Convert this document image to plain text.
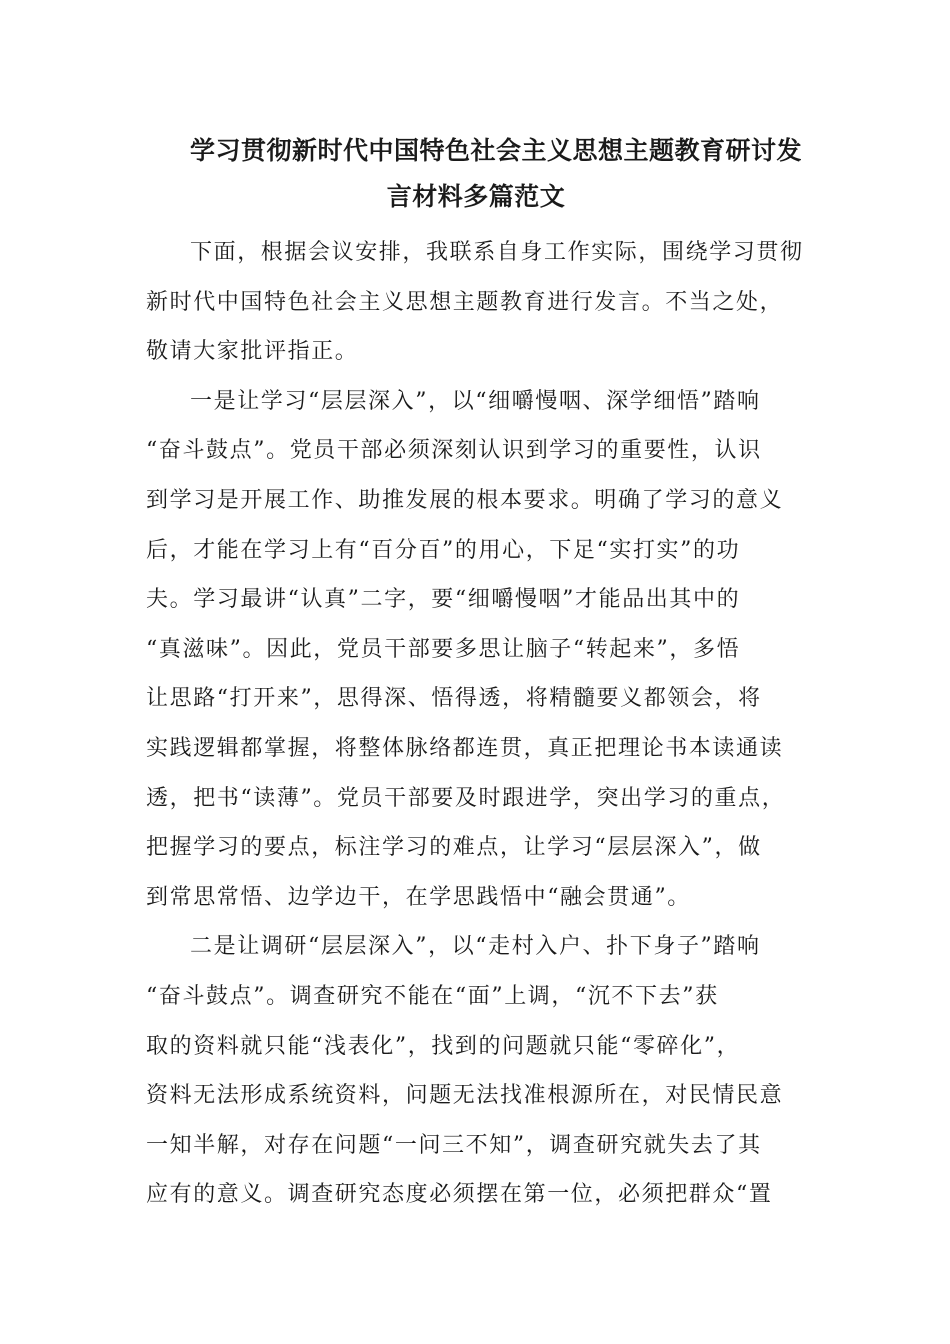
学习贯彻新时代中国特色社会主义思想主题教育研讨发
言材料多篇范文
下面，根据会议安排，我联系自身工作实际，围绕学习贯彻
新时代中国特色社会主义思想主题教育进行发言。不当之处，
敬请大家批评指正。
一是让学习“层层深入”，以“细嚼慢咽、深学细悟”踏响
“奋斗鼓点”。党员干部必须深刻认识到学习的重要性，认识
到学习是开展工作、助推发展的根本要求。明确了学习的意义
后，才能在学习上有“百分百”的用心，下足“实打实”的功
夫。学习最讲“认真”二字，要“细嚼慢咽”才能品出其中的
“真滋味”。因此，党员干部要多思让脑子“转起来”，多悟
让思路“打开来”，思得深、悟得透，将精髓要义都领会，将
实践逻辑都掌握，将整体脉络都连贯，真正把理论书本读通读
透，把书“读薄”。党员干部要及时跟进学，突出学习的重点，
把握学习的要点，标注学习的难点，让学习“层层深入”，做
到常思常悟、边学边干，在学思践悟中“融会贯通”。
二是让调研“层层深入”，以“走村入户、扑下身子”踏响
“奋斗鼓点”。调查研究不能在“面”上调，“沉不下去”获
取的资料就只能“浅表化”，找到的问题就只能“零碎化”，
资料无法形成系统资料，问题无法找准根源所在，对民情民意
一知半解，对存在问题“一问三不知”，调查研究就失去了其
应有的意义。调查研究态度必须摆在第一位，必须把群众“置
